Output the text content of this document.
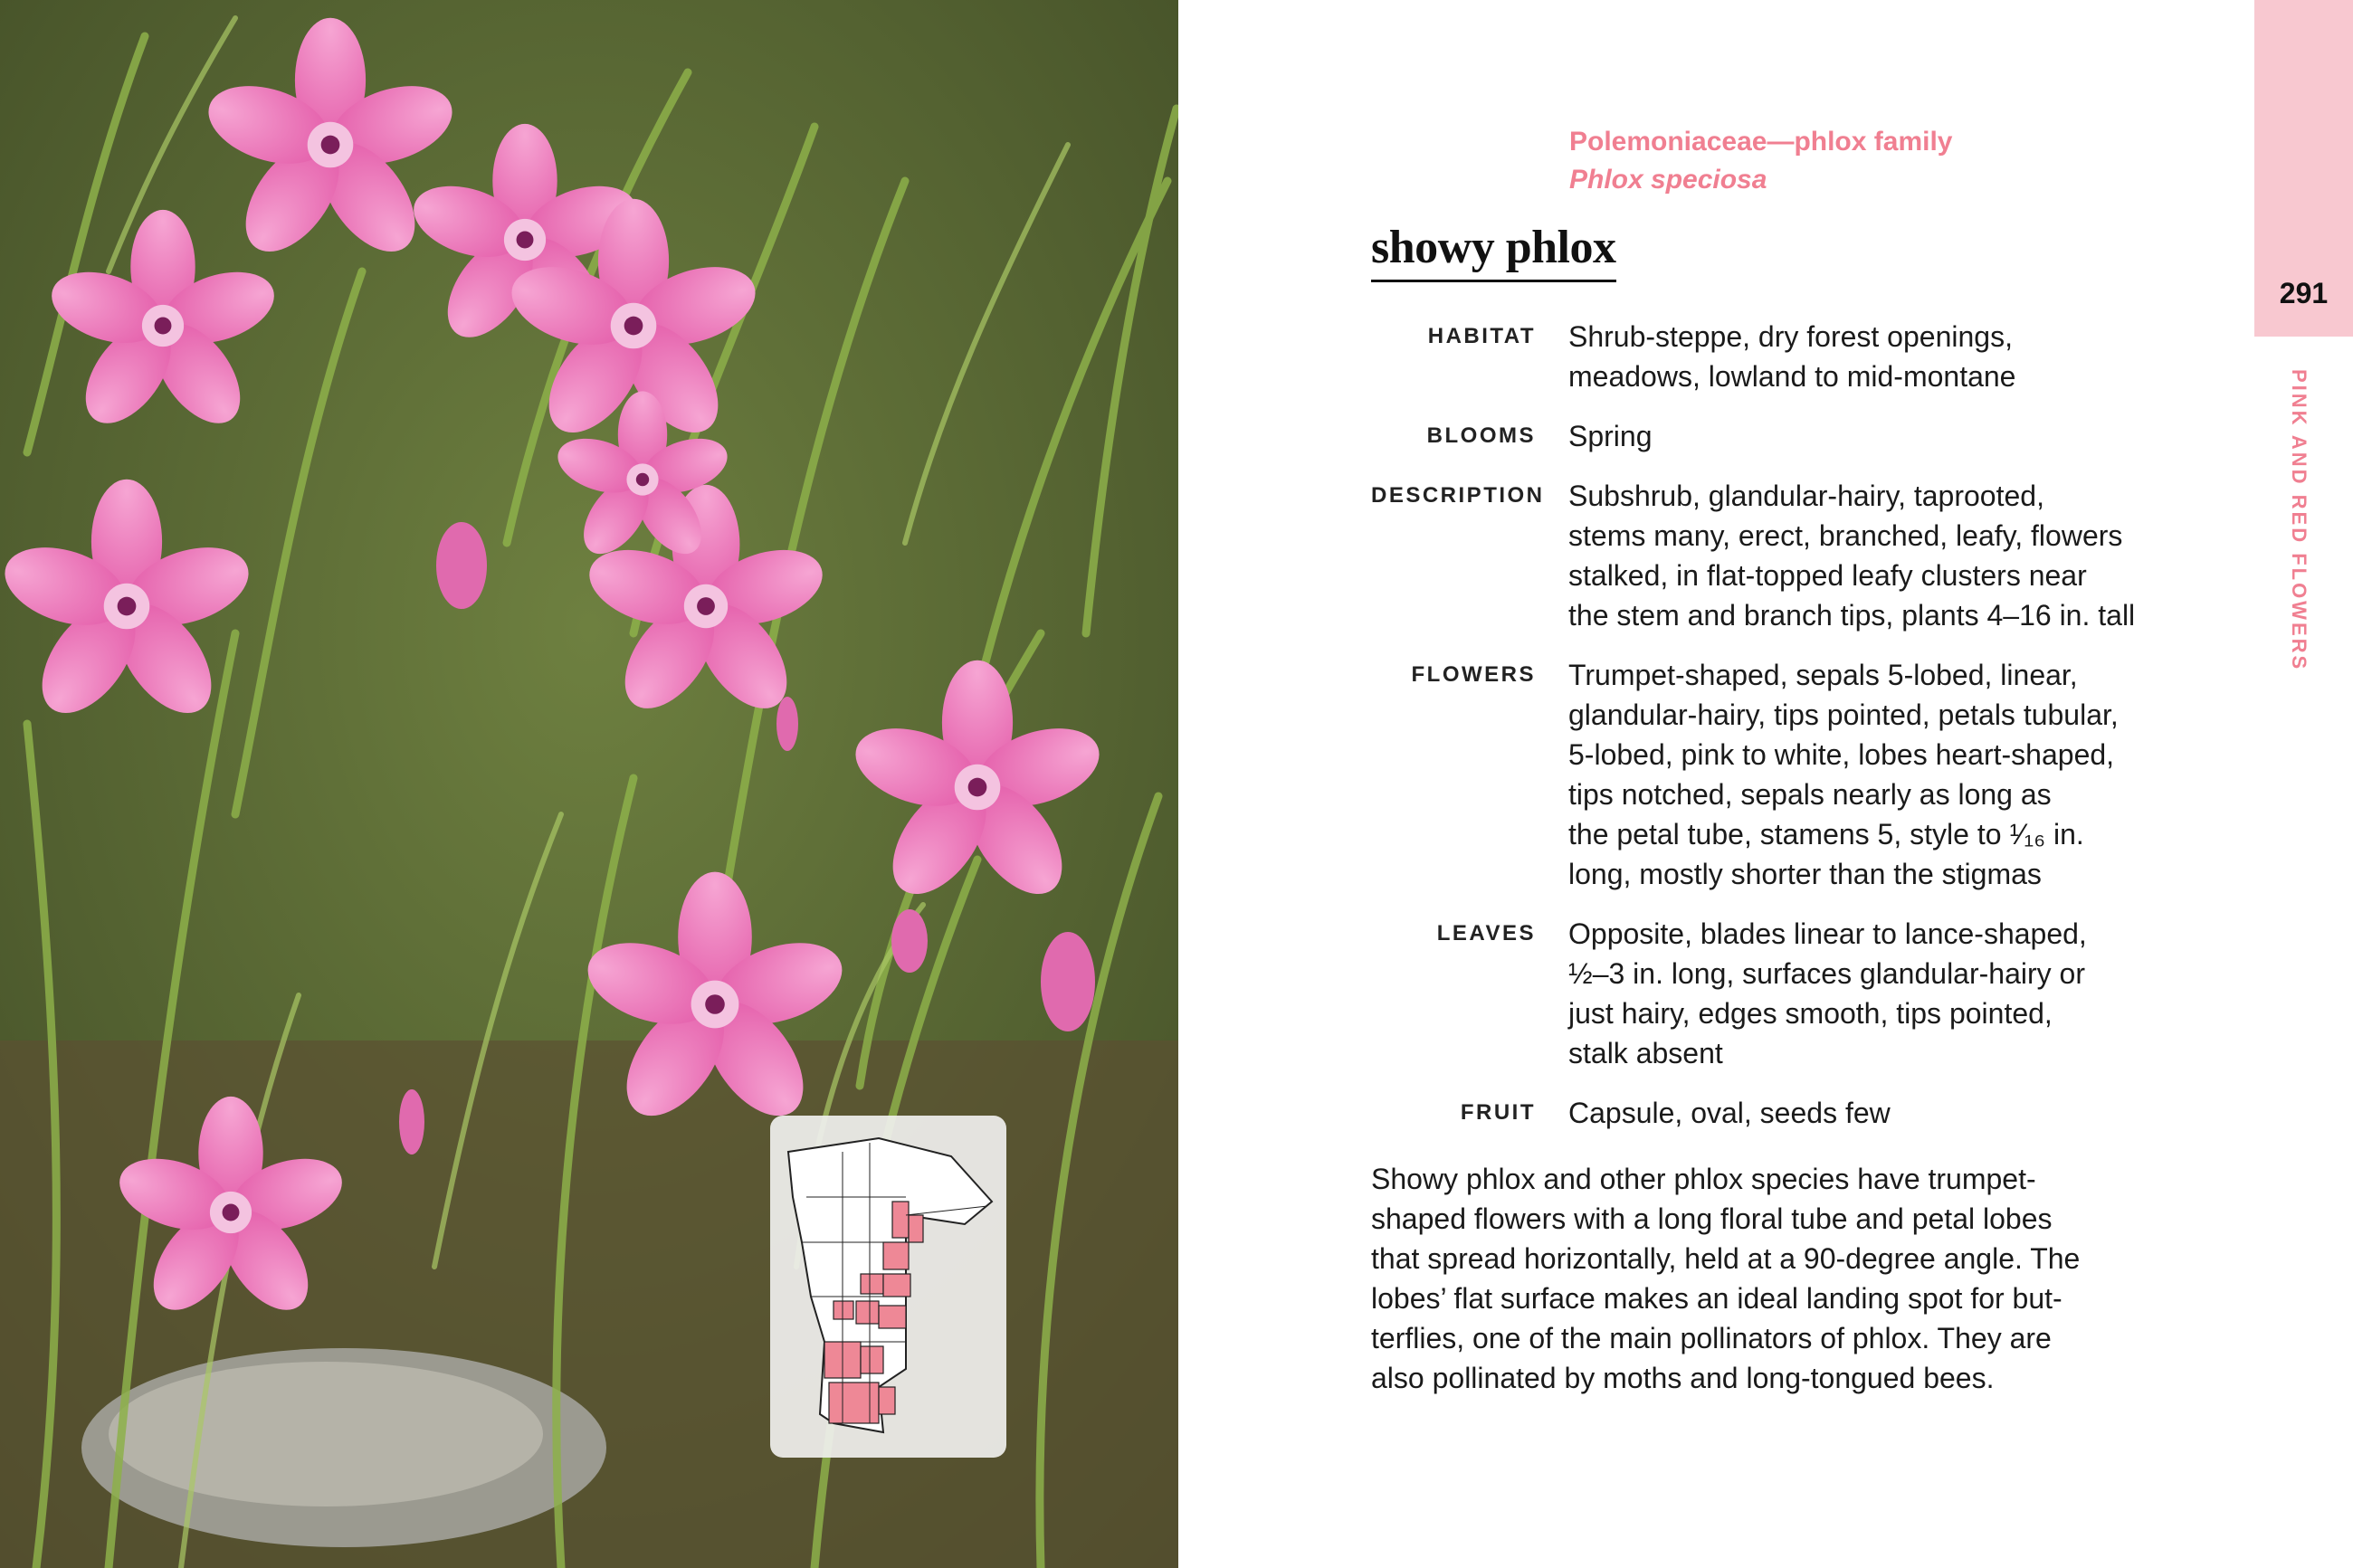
Polemoniaceae—phlox family
Phlox speciosa
showy phlox
HABITAT	Shrub-steppe, dry forest openings,
meadows, lowland to mid-montane
BLOOMS	Spring
DESCRIPTION Subshrub, glandular-hairy, taprooted,
stems many, erect, branched, leafy, flowers
stalked, in flat-topped leafy clusters near
the stem and branch tips, plants 4–16 in. tall
FLOWERS	Trumpet-shaped, sepals 5-lobed, linear,
glandular-hairy, tips pointed, petals tubular,
5-lobed, pink to white, lobes heart-shaped,
tips notched, sepals nearly as long as
the petal tube, stamens 5, style to ¹⁄₁₆ in.
long, mostly shorter than the stigmas
LEAVES	Opposite, blades linear to lance-shaped,
½–3 in. long, surfaces glandular-hairy or
just hairy, edges smooth, tips pointed,
stalk absent
FRUIT	Capsule, oval, seeds few
Showy phlox and other phlox species have trumpet-
shaped flowers with a long floral tube and petal lobes
that spread horizontally, held at a 90-degree angle. The
lobes’ flat surface makes an ideal landing spot for but-
terflies, one of the main pollinators of phlox. They are
also pollinated by moths and long-tongued bees.
291
PINK AND RED FLOWERS
